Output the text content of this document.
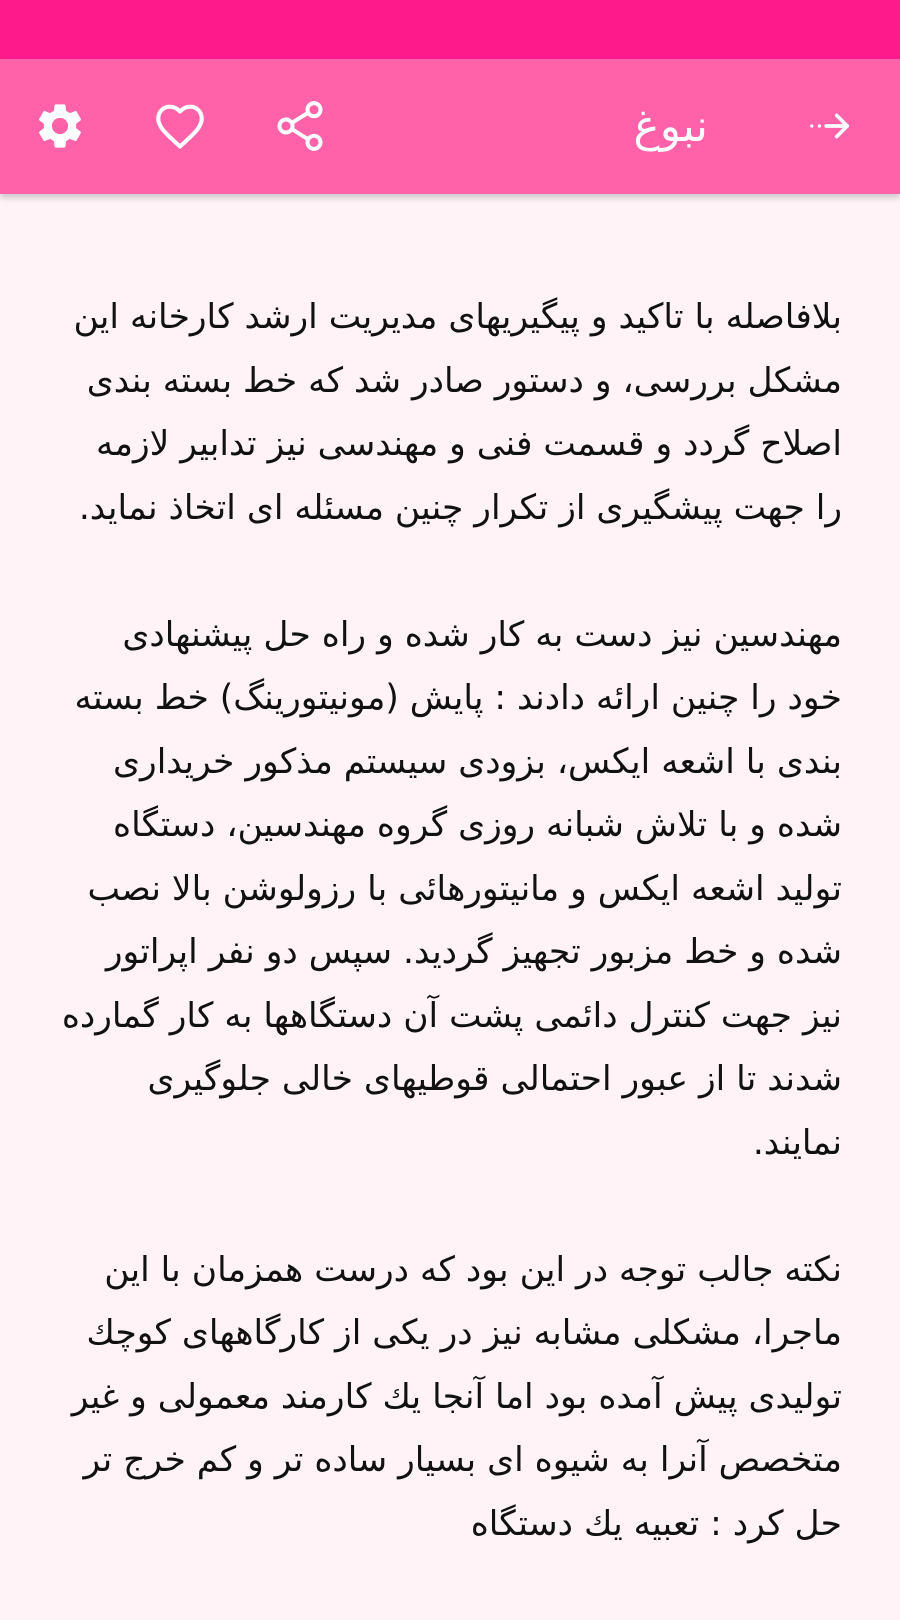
نبوغ

بلافاصله با تاکید و پیگیریهای مدیریت ارشد کارخانه این مشکل بررسی، و دستور صادر شد که خط بسته بندی اصلاح گردد و قسمت فنی و مهندسی نیز تدابیر لازمه را جهت پیشگیری از تکرار چنین مسئله ای اتخاذ نماید.

مهندسین نیز دست به کار شده و راه حل پیشنهادی خود را چنین ارائه دادند : پایش (مونیتورینگ) خط بسته بندی با اشعه ایکس، بزودی سیستم مذکور خریداری شده و با تلاش شبانه روزی گروه مهندسین، دستگاه تولید اشعه ایکس و مانیتورهائی با رزولوشن بالا نصب شده و خط مزبور تجهیز گردید. سپس دو نفر اپراتور نیز جهت کنترل دائمی پشت آن دستگاهها به کار گمارده شدند تا از عبور احتمالی قوطیهای خالی جلوگیری نمایند.

نکته جالب توجه در این بود که درست همزمان با این ماجرا، مشکلی مشابه نیز در یکی از کارگاههای کوچك تولیدی پیش آمده بود اما آنجا یك کارمند معمولی و غیر متخصص آنرا به شیوه ای بسیار ساده تر و کم خرج تر حل کرد : تعبیه یك دستگاه
